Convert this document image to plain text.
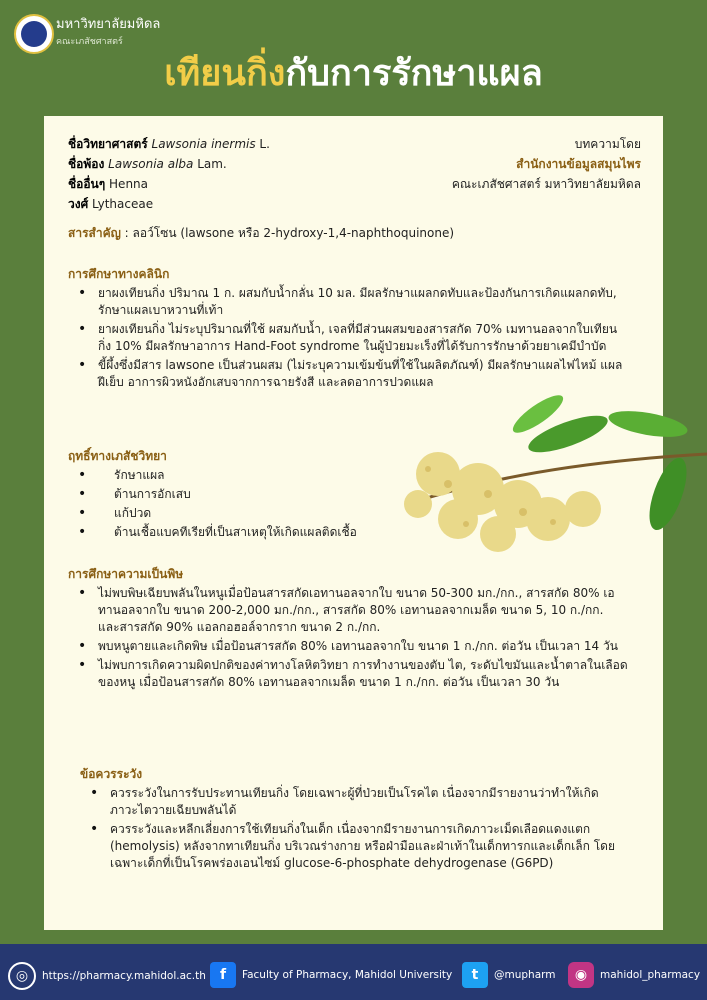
มหาวิทยาลัยมหิดล
คณะเภสัชศาสตร์
เทียนกิ่งกับการรักษาแผล
ชื่อวิทยาศาสตร์ Lawsonia inermis L.
ชื่อพ้อง Lawsonia alba Lam.
ชื่ออื่นๆ Henna
วงศ์ Lythaceae
บทความโดย
สำนักงานข้อมูลสมุนไพร
คณะเภสัชศาสตร์ มหาวิทยาลัยมหิดล
สารสำคัญ : ลอว์โซน (lawsone หรือ 2-hydroxy-1,4-naphthoquinone)
การศึกษาทางคลินิก
• ยาผงเทียนกิ่ง ปริมาณ 1 ก. ผสมกับน้ำกลั่น 10 มล. มีผลรักษาแผลกดทับและป้องกันการเกิดแผลกดทับ, รักษาแผลเบาหวานที่เท้า
• ยาผงเทียนกิ่ง ไม่ระบุปริมาณที่ใช้ ผสมกับน้ำ, เจลที่มีส่วนผสมของสารสกัด 70% เมทานอลจากใบเทียนกิ่ง 10% มีผลรักษาอาการ Hand-Foot syndrome ในผู้ป่วยมะเร็งที่ได้รับการรักษาด้วยยาเคมีบำบัด
• ขี้ผึ้งซึ่งมีสาร lawsone เป็นส่วนผสม (ไม่ระบุความเข้มข้นที่ใช้ในผลิตภัณฑ์) มีผลรักษาแผลไฟไหม้ แผลฝีเย็บ อาการผิวหนังอักเสบจากการฉายรังสี และลดอาการปวดแผล
ฤทธิ์ทางเภสัชวิทยา
• รักษาแผล
• ต้านการอักเสบ
• แก้ปวด
• ต้านเชื้อแบคทีเรียที่เป็นสาเหตุให้เกิดแผลติดเชื้อ
การศึกษาความเป็นพิษ
• ไม่พบพิษเฉียบพลันในหนูเมื่อป้อนสารสกัดเอทานอลจากใบ ขนาด 50-300 มก./กก., สารสกัด 80% เอทานอลจากใบ ขนาด 200-2,000 มก./กก., สารสกัด 80% เอทานอลจากเมล็ด ขนาด 5, 10 ก./กก. และสารสกัด 90% แอลกอฮอล์จากราก ขนาด 2 ก./กก.
• พบหนูตายและเกิดพิษ เมื่อป้อนสารสกัด 80% เอทานอลจากใบ ขนาด 1 ก./กก. ต่อวัน เป็นเวลา 14 วัน
• ไม่พบการเกิดความผิดปกติของค่าทางโลหิตวิทยา การทำงานของตับ ไต, ระดับไขมันและน้ำตาลในเลือดของหนู เมื่อป้อนสารสกัด 80% เอทานอลจากเมล็ด ขนาด 1 ก./กก. ต่อวัน เป็นเวลา 30 วัน
ข้อควรระวัง
• ควรระวังในการรับประทานเทียนกิ่ง โดยเฉพาะผู้ที่ป่วยเป็นโรคไต เนื่องจากมีรายงานว่าทำให้เกิดภาวะไตวายเฉียบพลันได้
• ควรระวังและหลีกเลี่ยงการใช้เทียนกิ่งในเด็ก เนื่องจากมีรายงานการเกิดภาวะเม็ดเลือดแดงแตก (hemolysis) หลังจากทาเทียนกิ่ง บริเวณร่างกาย หรือฝ่ามือและฝ่าเท้าในเด็กทารกและเด็กเล็ก โดยเฉพาะเด็กที่เป็นโรคพร่องเอนไซม์ glucose-6-phosphate dehydrogenase (G6PD)
◎	https://pharmacy.mahidol.ac.th	f	Faculty of Pharmacy, Mahidol University	t	@mupharm	◉	mahidol_pharmacy
